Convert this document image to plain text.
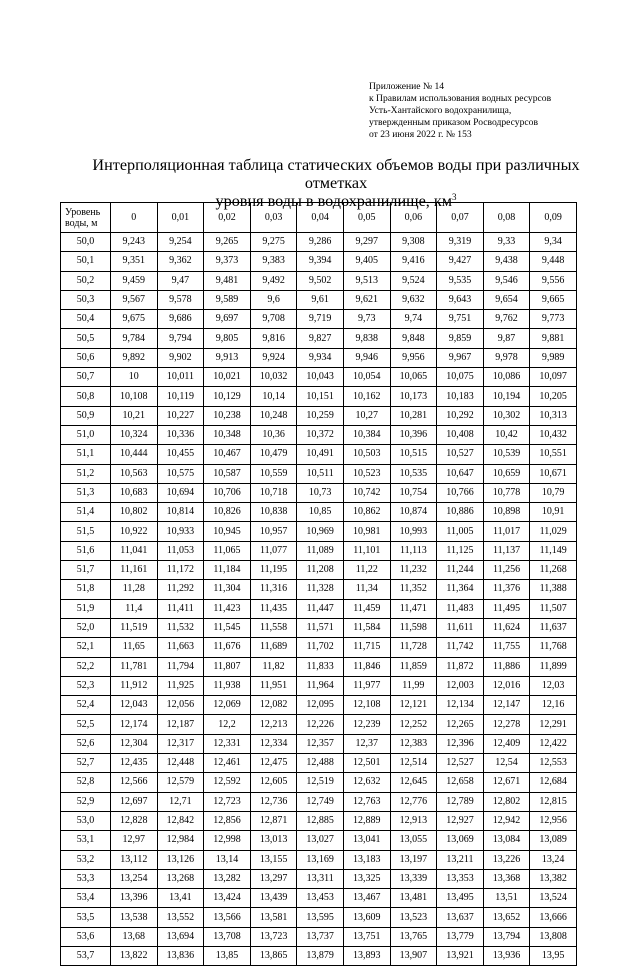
Приложение № 14
к Правилам использования водных ресурсов
Усть-Хантайского водохранилища,
утвержденным приказом Росводресурсов
от 23 июня 2022 г. № 153
Интерполяционная таблица статических объемов воды при различных отметках
уровня воды в водохранилище, $км^3$
Уровень
воды, м	0	0,01	0,02	0,03	0,04	0,05	0,06	0,07	0,08	0,09
50,0	9,243	9,254	9,265	9,275	9,286	9,297	9,308	9,319	9,33	9,34
50,1	9,351	9,362	9,373	9,383	9,394	9,405	9,416	9,427	9,438	9,448
50,2	9,459	9,47	9,481	9,492	9,502	9,513	9,524	9,535	9,546	9,556
50,3	9,567	9,578	9,589	9,6	9,61	9,621	9,632	9,643	9,654	9,665
50,4	9,675	9,686	9,697	9,708	9,719	9,73	9,74	9,751	9,762	9,773
50,5	9,784	9,794	9,805	9,816	9,827	9,838	9,848	9,859	9,87	9,881
50,6	9,892	9,902	9,913	9,924	9,934	9,946	9,956	9,967	9,978	9,989
50,7	10	10,011	10,021	10,032	10,043	10,054	10,065	10,075	10,086	10,097
50,8	10,108	10,119	10,129	10,14	10,151	10,162	10,173	10,183	10,194	10,205
50,9	10,21	10,227	10,238	10,248	10,259	10,27	10,281	10,292	10,302	10,313
51,0	10,324	10,336	10,348	10,36	10,372	10,384	10,396	10,408	10,42	10,432
51,1	10,444	10,455	10,467	10,479	10,491	10,503	10,515	10,527	10,539	10,551
51,2	10,563	10,575	10,587	10,559	10,511	10,523	10,535	10,647	10,659	10,671
51,3	10,683	10,694	10,706	10,718	10,73	10,742	10,754	10,766	10,778	10,79
51,4	10,802	10,814	10,826	10,838	10,85	10,862	10,874	10,886	10,898	10,91
51,5	10,922	10,933	10,945	10,957	10,969	10,981	10,993	11,005	11,017	11,029
51,6	11,041	11,053	11,065	11,077	11,089	11,101	11,113	11,125	11,137	11,149
51,7	11,161	11,172	11,184	11,195	11,208	11,22	11,232	11,244	11,256	11,268
51,8	11,28	11,292	11,304	11,316	11,328	11,34	11,352	11,364	11,376	11,388
51,9	11,4	11,411	11,423	11,435	11,447	11,459	11,471	11,483	11,495	11,507
52,0	11,519	11,532	11,545	11,558	11,571	11,584	11,598	11,611	11,624	11,637
52,1	11,65	11,663	11,676	11,689	11,702	11,715	11,728	11,742	11,755	11,768
52,2	11,781	11,794	11,807	11,82	11,833	11,846	11,859	11,872	11,886	11,899
52,3	11,912	11,925	11,938	11,951	11,964	11,977	11,99	12,003	12,016	12,03
52,4	12,043	12,056	12,069	12,082	12,095	12,108	12,121	12,134	12,147	12,16
52,5	12,174	12,187	12,2	12,213	12,226	12,239	12,252	12,265	12,278	12,291
52,6	12,304	12,317	12,331	12,334	12,357	12,37	12,383	12,396	12,409	12,422
52,7	12,435	12,448	12,461	12,475	12,488	12,501	12,514	12,527	12,54	12,553
52,8	12,566	12,579	12,592	12,605	12,519	12,632	12,645	12,658	12,671	12,684
52,9	12,697	12,71	12,723	12,736	12,749	12,763	12,776	12,789	12,802	12,815
53,0	12,828	12,842	12,856	12,871	12,885	12,889	12,913	12,927	12,942	12,956
53,1	12,97	12,984	12,998	13,013	13,027	13,041	13,055	13,069	13,084	13,089
53,2	13,112	13,126	13,14	13,155	13,169	13,183	13,197	13,211	13,226	13,24
53,3	13,254	13,268	13,282	13,297	13,311	13,325	13,339	13,353	13,368	13,382
53,4	13,396	13,41	13,424	13,439	13,453	13,467	13,481	13,495	13,51	13,524
53,5	13,538	13,552	13,566	13,581	13,595	13,609	13,523	13,637	13,652	13,666
53,6	13,68	13,694	13,708	13,723	13,737	13,751	13,765	13,779	13,794	13,808
53,7	13,822	13,836	13,85	13,865	13,879	13,893	13,907	13,921	13,936	13,95
